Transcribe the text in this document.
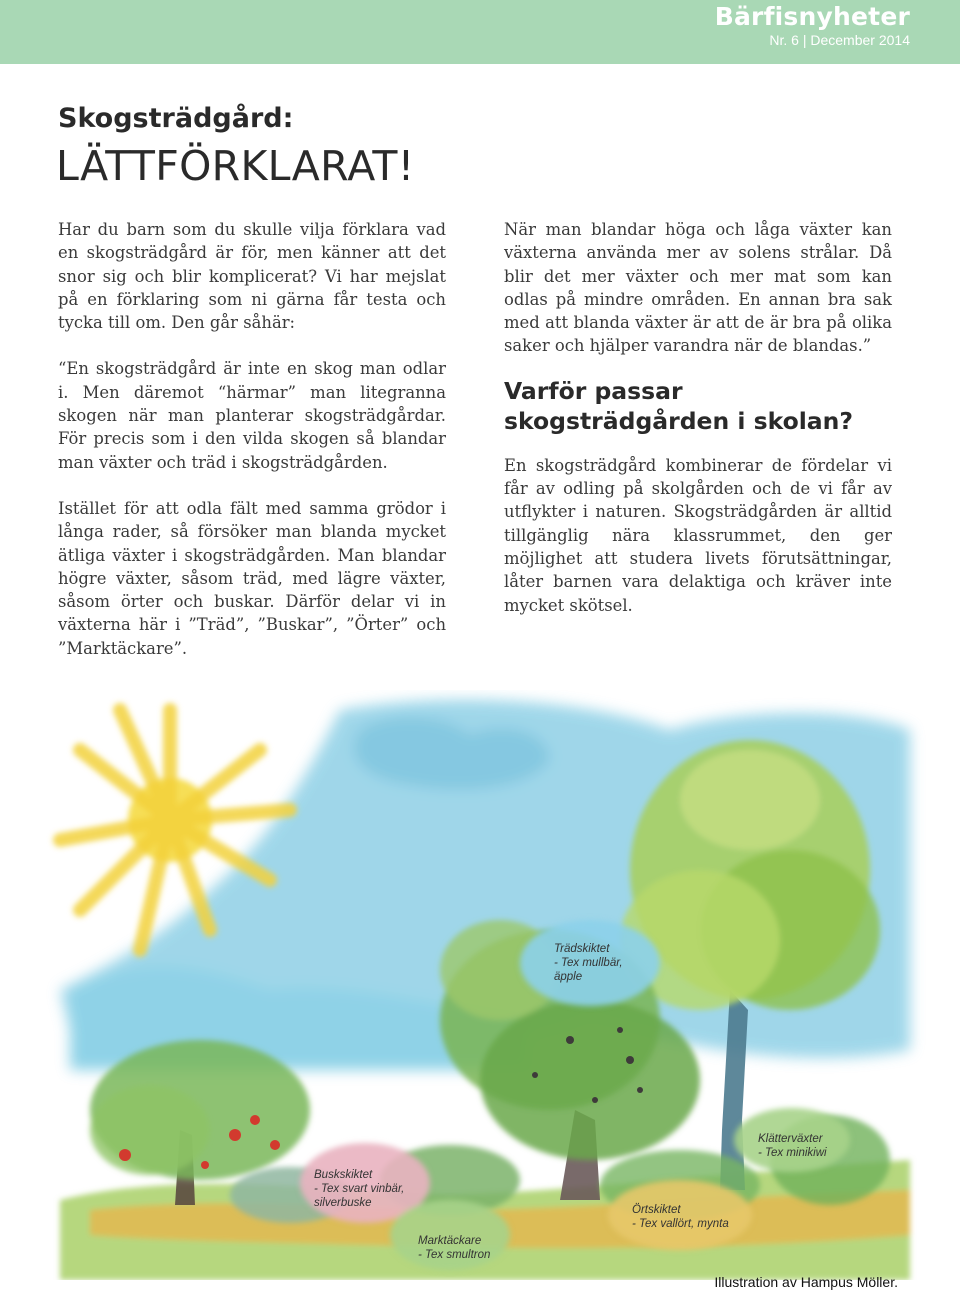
Bärfisnyheter
Nr. 6 | December 2014
Skogsträdgård:
LÄTTFÖRKLARAT!

Har du barn som du skulle vilja förklara vad en skogsträdgård är för, men känner att det snor sig och blir komplicerat? Vi har mejslat på en förklaring som ni gärna får testa och tycka till om. Den går såhär:

“En skogsträdgård är inte en skog man odlar i. Men däremot “härmar” man litegranna skogen när man planterar skogsträdgårdar. För precis som i den vilda skogen så blandar man växter och träd i skogsträdgården.

Istället för att odla fält med samma grödor i långa rader, så försöker man blanda mycket ätliga växter i skogsträdgården. Man blandar högre växter, såsom träd, med lägre växter, såsom örter och buskar. Därför delar vi in växterna här i ”Träd”, ”Buskar”, ”Örter” och ”Marktäckare”.

När man blandar höga och låga växter kan växterna använda mer av solens strålar. Då blir det mer växter och mer mat som kan odlas på mindre områden. En annan bra sak med att blanda växter är att de är bra på olika saker och hjälper varandra när de blandas.”

Varför passar skogsträdgården i skolan?

En skogsträdgård kombinerar de fördelar vi får av odling på skolgården och de vi får av utflykter i naturen. Skogsträdgården är alltid tillgänglig nära klassrummet, den ger möjlighet att studera livets förutsättningar, låter barnen vara delaktiga och kräver inte mycket skötsel.

Trädskiktet
- Tex mullbär, äpple
Buskskiktet
- Tex svart vinbär, silverbuske
Marktäckare
- Tex smultron
Örtskiktet
- Tex vallört, mynta
Klätterväxter
- Tex minikiwi
Illustration av Hampus Möller.
